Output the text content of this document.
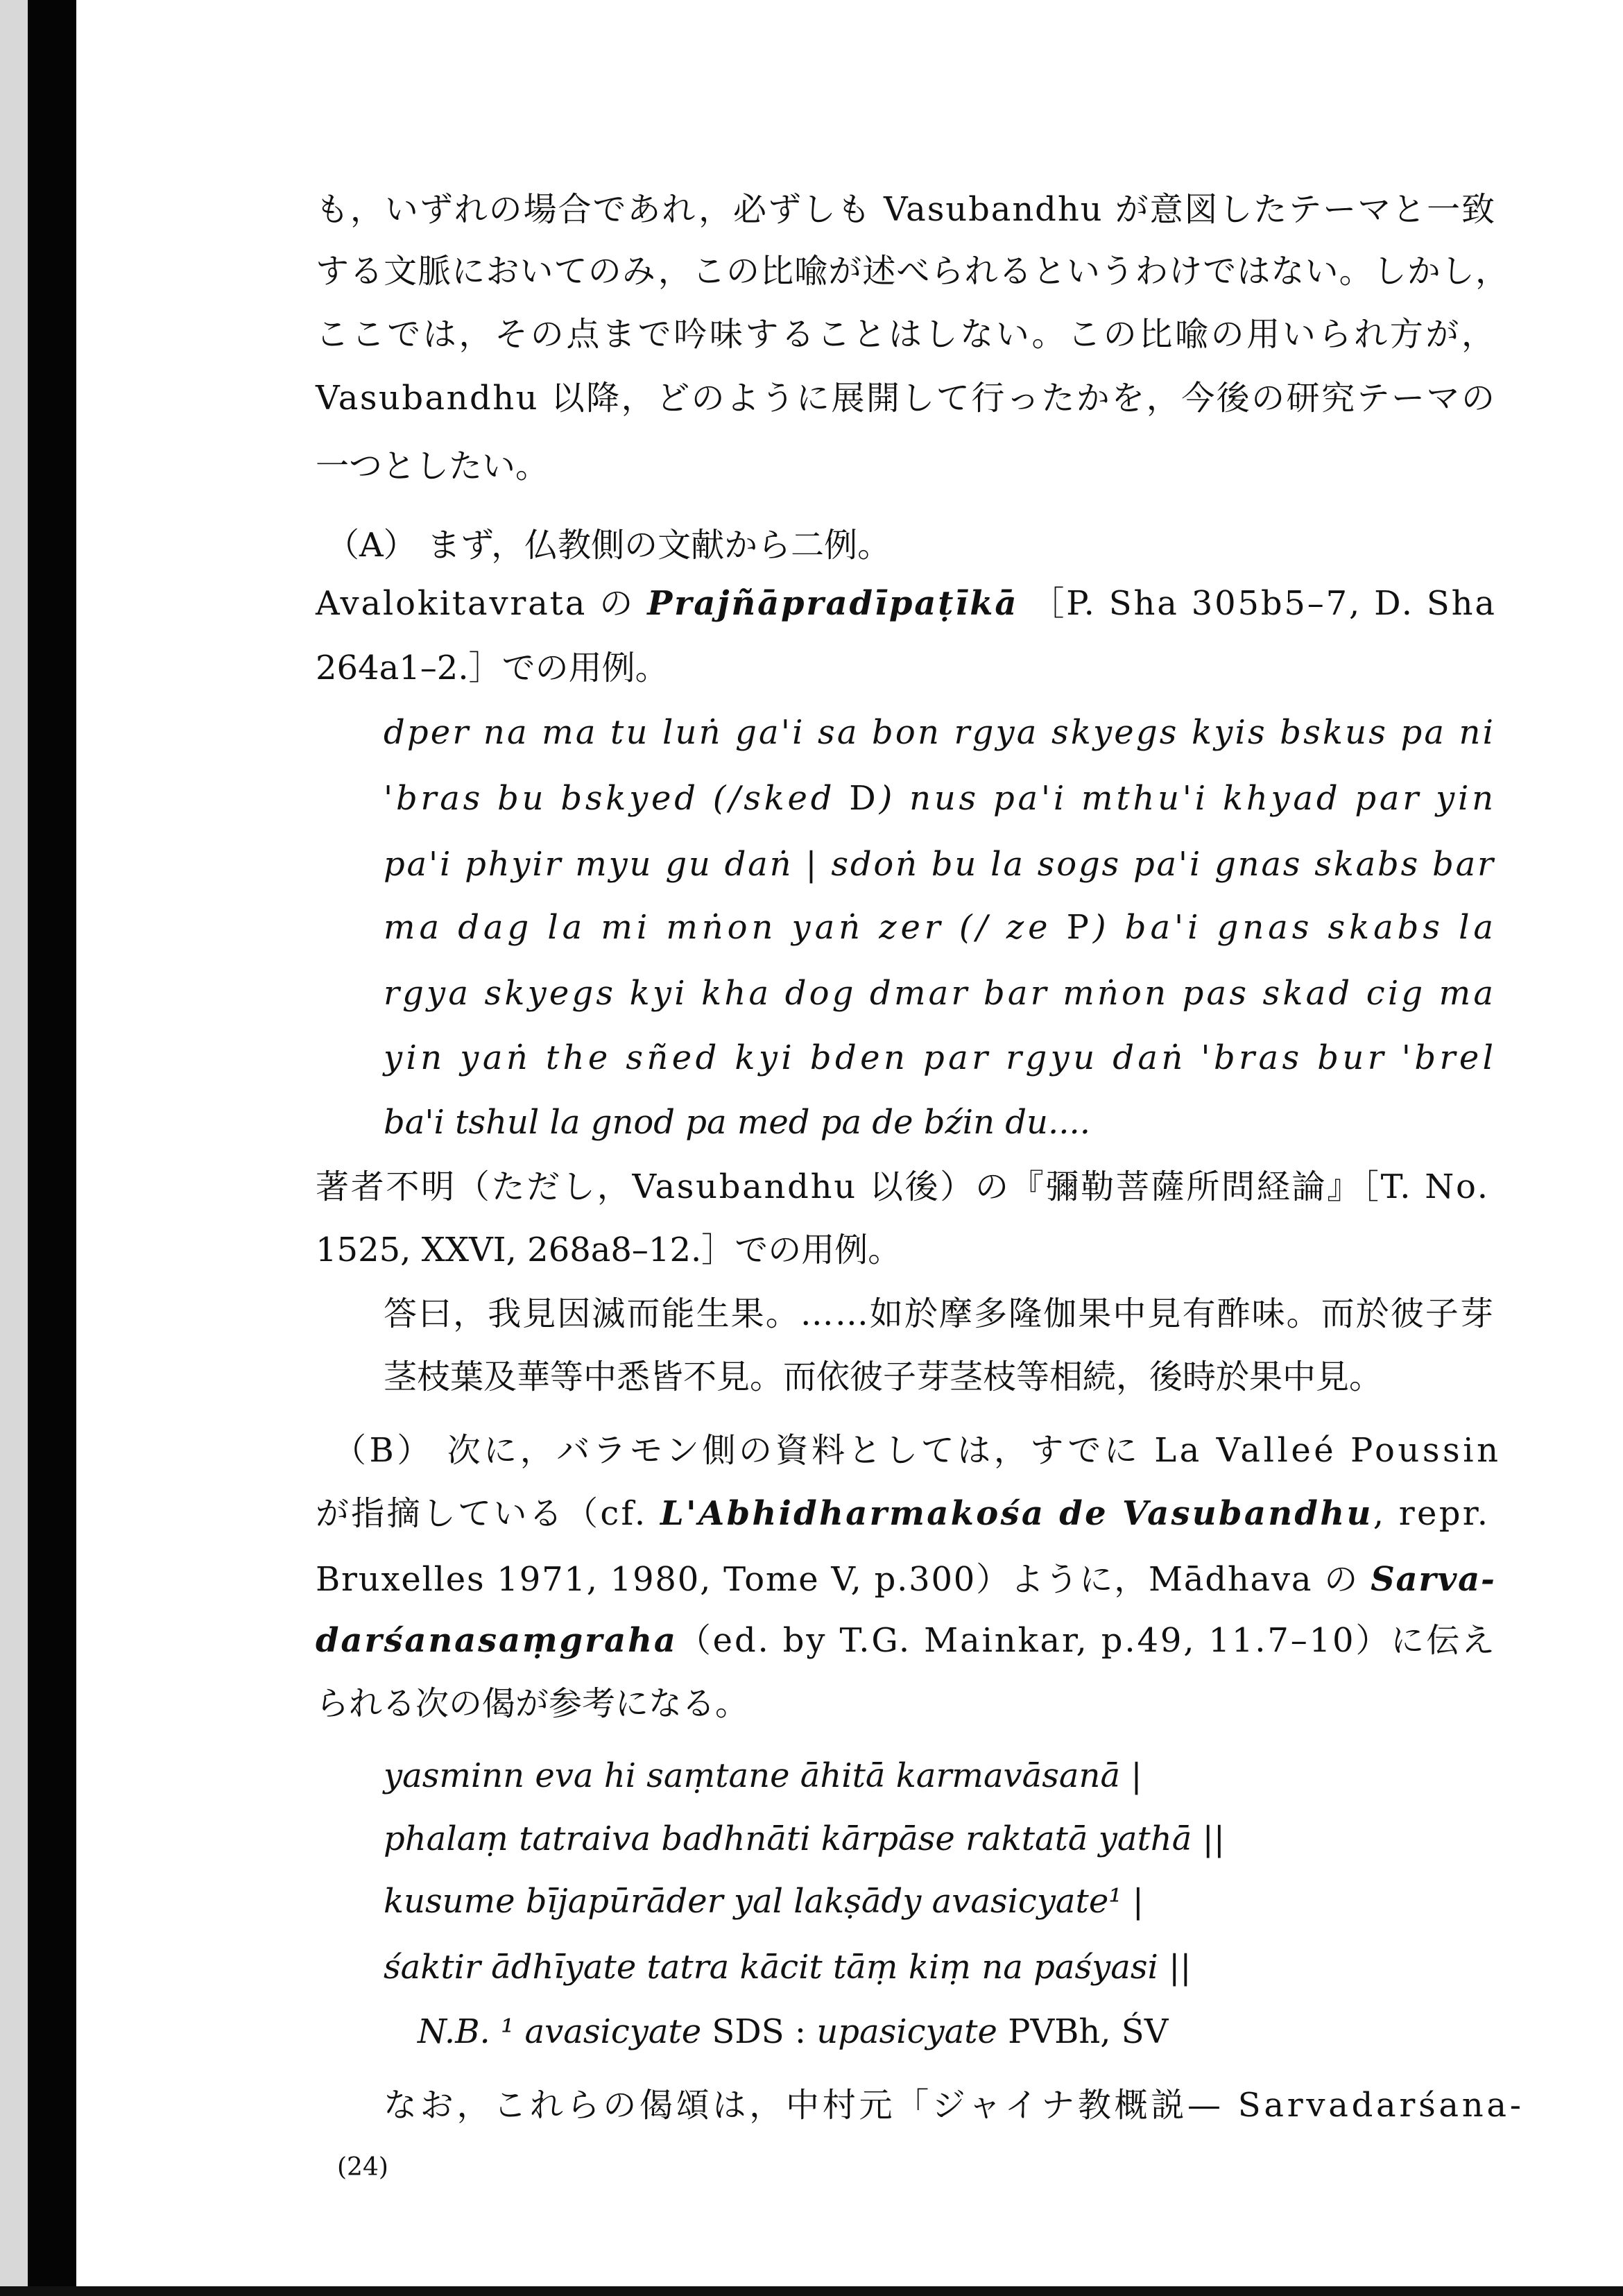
も，いずれの場合であれ，必ずしも Vasubandhu が意図したテーマと一致
する文脈においてのみ，この比喩が述べられるというわけではない。しかし，
ここでは，その点まで吟味することはしない。この比喩の用いられ方が，
Vasubandhu 以降，どのように展開して行ったかを，今後の研究テーマの
一つとしたい。
（A） まず，仏教側の文献から二例。
Avalokitavrata の Prajñāpradīpaṭīkā ［P. Sha 305b5–7, D. Sha
264a1–2.］での用例。
dper na ma tu luṅ ga'i sa bon rgya skyegs kyis bskus pa ni
'bras bu bskyed (/sked D) nus pa'i mthu'i khyad par yin
pa'i phyir myu gu daṅ | sdoṅ bu la sogs pa'i gnas skabs bar
ma dag la mi mṅon yaṅ zer (/ ze P) ba'i gnas skabs la
rgya skyegs kyi kha dog dmar bar mṅon pas skad cig ma
yin yaṅ the sñed kyi bden par rgyu daṅ 'bras bur 'brel
ba'i tshul la gnod pa med pa de bźin du....
著者不明（ただし，Vasubandhu 以後）の『彌勒菩薩所問経論』［T. No.
1525, XXVI, 268a8–12.］での用例。
答曰，我見因滅而能生果。……如於摩多隆伽果中見有酢味。而於彼子芽
茎枝葉及華等中悉皆不見。而依彼子芽茎枝等相続，後時於果中見。
（B） 次に，バラモン側の資料としては，すでに La Valleé Poussin
が指摘している（cf. L'Abhidharmakośa de Vasubandhu, repr.
Bruxelles 1971, 1980, Tome V, p.300）ように，Mādhava の Sarva-
darśanasaṃgraha（ed. by T.G. Mainkar, p.49, 11.7–10）に伝え
られる次の偈が参考になる。
yasminn eva hi saṃtane āhitā karmavāsanā |
phalaṃ tatraiva badhnāti kārpāse raktatā yathā ||
kusume bījapūrāder yal lakṣādy avasicyate¹ |
śaktir ādhīyate tatra kācit tāṃ kiṃ na paśyasi ||
N.B. ¹ avasicyate SDS : upasicyate PVBh, ŚV
なお，これらの偈頌は，中村元「ジャイナ教概説— Sarvadarśana-
(24)
